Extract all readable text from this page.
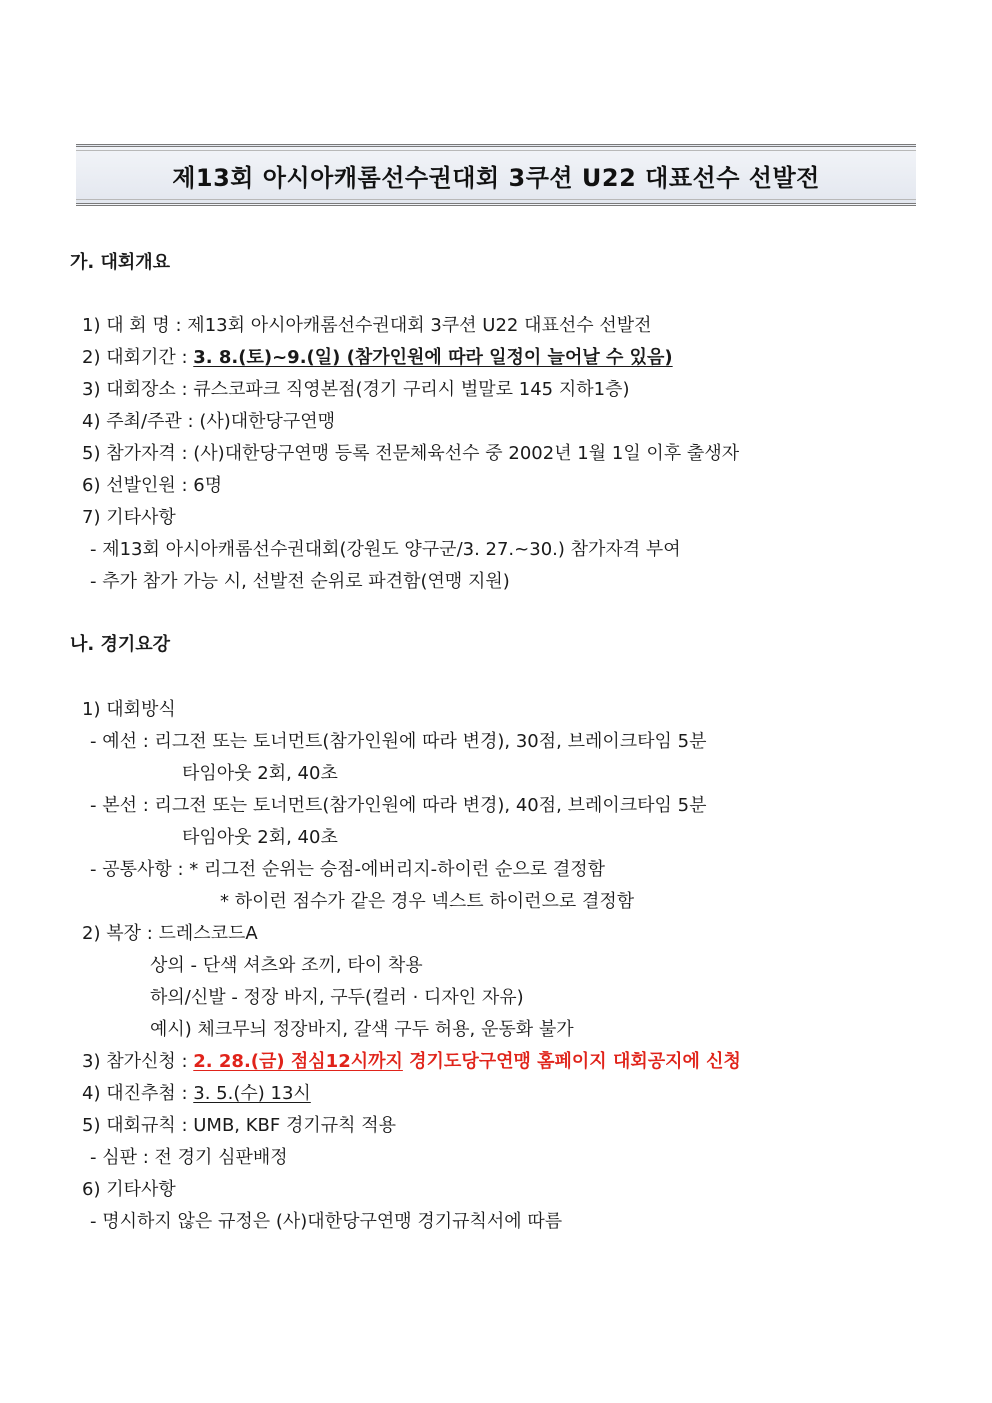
제13회 아시아캐롬선수권대회 3쿠션 U22 대표선수 선발전
가. 대회개요
1) 대 회 명 : 제13회 아시아캐롬선수권대회 3쿠션 U22 대표선수 선발전
2) 대회기간 : 3. 8.(토)~9.(일) (참가인원에 따라 일정이 늘어날 수 있음)
3) 대회장소 : 큐스코파크 직영본점(경기 구리시 벌말로 145 지하1층)
4) 주최/주관 : (사)대한당구연맹
5) 참가자격 : (사)대한당구연맹 등록 전문체육선수 중 2002년 1월 1일 이후 출생자
6) 선발인원 : 6명
7) 기타사항
- 제13회 아시아캐롬선수권대회(강원도 양구군/3. 27.~30.) 참가자격 부여
- 추가 참가 가능 시, 선발전 순위로 파견함(연맹 지원)
나. 경기요강
1) 대회방식
- 예선 : 리그전 또는 토너먼트(참가인원에 따라 변경), 30점, 브레이크타임 5분
타임아웃 2회, 40초
- 본선 : 리그전 또는 토너먼트(참가인원에 따라 변경), 40점, 브레이크타임 5분
타임아웃 2회, 40초
- 공통사항 : * 리그전 순위는 승점-에버리지-하이런 순으로 결정함
* 하이런 점수가 같은 경우 넥스트 하이런으로 결정함
2) 복장 : 드레스코드A
상의 - 단색 셔츠와 조끼, 타이 착용
하의/신발 - 정장 바지, 구두(컬러 · 디자인 자유)
예시) 체크무늬 정장바지, 갈색 구두 허용, 운동화 불가
3) 참가신청 : 2. 28.(금) 점심12시까지 경기도당구연맹 홈페이지 대회공지에 신청
4) 대진추첨 : 3. 5.(수) 13시
5) 대회규칙 : UMB, KBF 경기규칙 적용
- 심판 : 전 경기 심판배정
6) 기타사항
- 명시하지 않은 규정은 (사)대한당구연맹 경기규칙서에 따름
